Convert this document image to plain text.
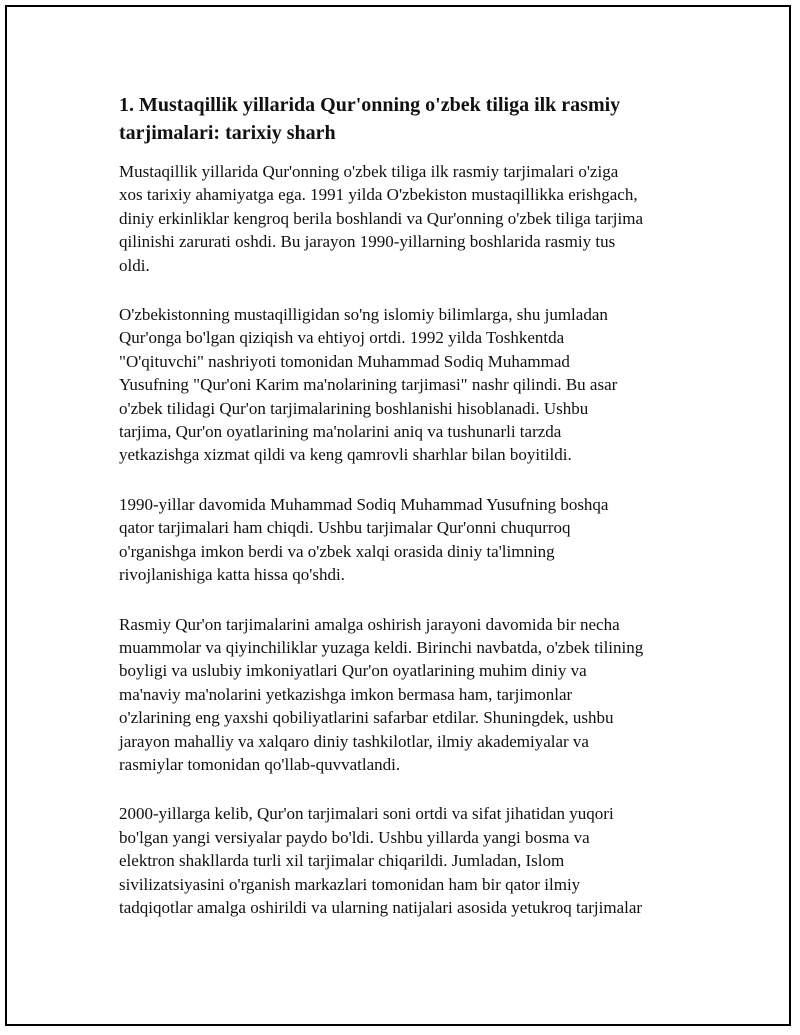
1. Mustaqillik yillarida Qur'onning o'zbek tiliga ilk rasmiy
tarjimalari: tarixiy sharh

Mustaqillik yillarida Qur'onning o'zbek tiliga ilk rasmiy tarjimalari o'ziga
xos tarixiy ahamiyatga ega. 1991 yilda O'zbekiston mustaqillikka erishgach,
diniy erkinliklar kengroq berila boshlandi va Qur'onning o'zbek tiliga tarjima
qilinishi zarurati oshdi. Bu jarayon 1990-yillarning boshlarida rasmiy tus
oldi.

O'zbekistonning mustaqilligidan so'ng islomiy bilimlarga, shu jumladan
Qur'onga bo'lgan qiziqish va ehtiyoj ortdi. 1992 yilda Toshkentda
"O'qituvchi" nashriyoti tomonidan Muhammad Sodiq Muhammad
Yusufning "Qur'oni Karim ma'nolarining tarjimasi" nashr qilindi. Bu asar
o'zbek tilidagi Qur'on tarjimalarining boshlanishi hisoblanadi. Ushbu
tarjima, Qur'on oyatlarining ma'nolarini aniq va tushunarli tarzda
yetkazishga xizmat qildi va keng qamrovli sharhlar bilan boyitildi.

1990-yillar davomida Muhammad Sodiq Muhammad Yusufning boshqa
qator tarjimalari ham chiqdi. Ushbu tarjimalar Qur'onni chuqurroq
o'rganishga imkon berdi va o'zbek xalqi orasida diniy ta'limning
rivojlanishiga katta hissa qo'shdi.

Rasmiy Qur'on tarjimalarini amalga oshirish jarayoni davomida bir necha
muammolar va qiyinchiliklar yuzaga keldi. Birinchi navbatda, o'zbek tilining
boyligi va uslubiy imkoniyatlari Qur'on oyatlarining muhim diniy va
ma'naviy ma'nolarini yetkazishga imkon bermasa ham, tarjimonlar
o'zlarining eng yaxshi qobiliyatlarini safarbar etdilar. Shuningdek, ushbu
jarayon mahalliy va xalqaro diniy tashkilotlar, ilmiy akademiyalar va
rasmiylar tomonidan qo'llab-quvvatlandi.

2000-yillarga kelib, Qur'on tarjimalari soni ortdi va sifat jihatidan yuqori
bo'lgan yangi versiyalar paydo bo'ldi. Ushbu yillarda yangi bosma va
elektron shakllarda turli xil tarjimalar chiqarildi. Jumladan, Islom
sivilizatsiyasini o'rganish markazlari tomonidan ham bir qator ilmiy
tadqiqotlar amalga oshirildi va ularning natijalari asosida yetukroq tarjimalar
